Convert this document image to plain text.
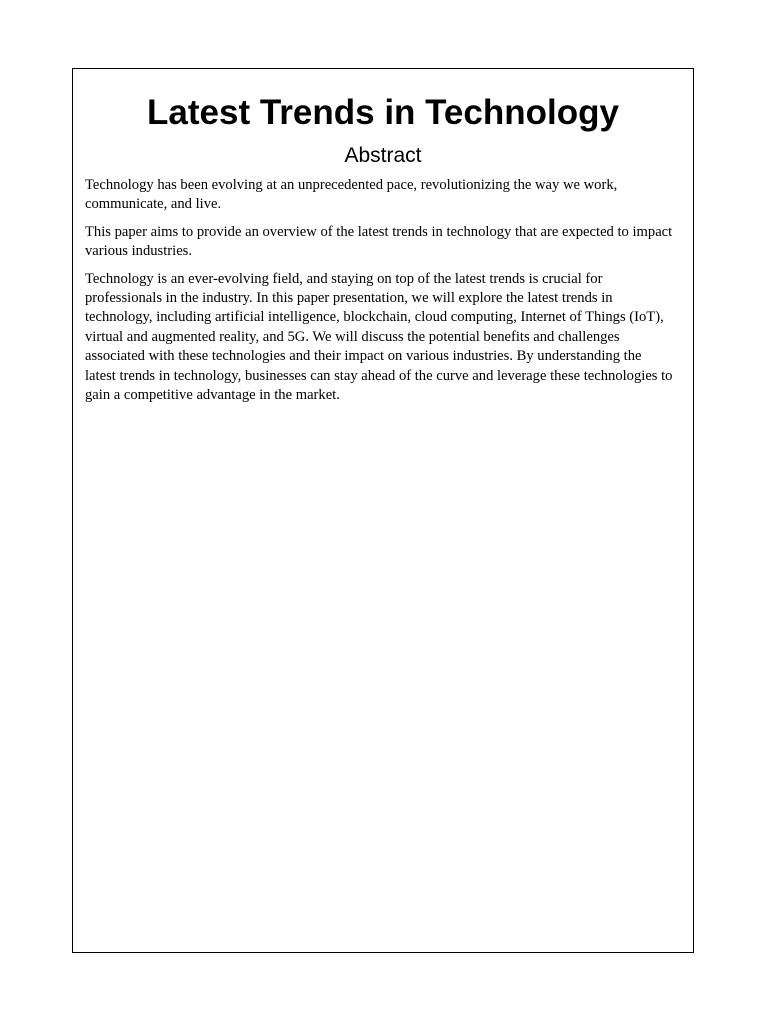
Latest Trends in Technology
Abstract

Technology has been evolving at an unprecedented pace, revolutionizing the way we work, communicate, and live.

This paper aims to provide an overview of the latest trends in technology that are expected to impact various industries.

Technology is an ever-evolving field, and staying on top of the latest trends is crucial for professionals in the industry. In this paper presentation, we will explore the latest trends in technology, including artificial intelligence, blockchain, cloud computing, Internet of Things (IoT), virtual and augmented reality, and 5G. We will discuss the potential benefits and challenges associated with these technologies and their impact on various industries. By understanding the latest trends in technology, businesses can stay ahead of the curve and leverage these technologies to gain a competitive advantage in the market.
